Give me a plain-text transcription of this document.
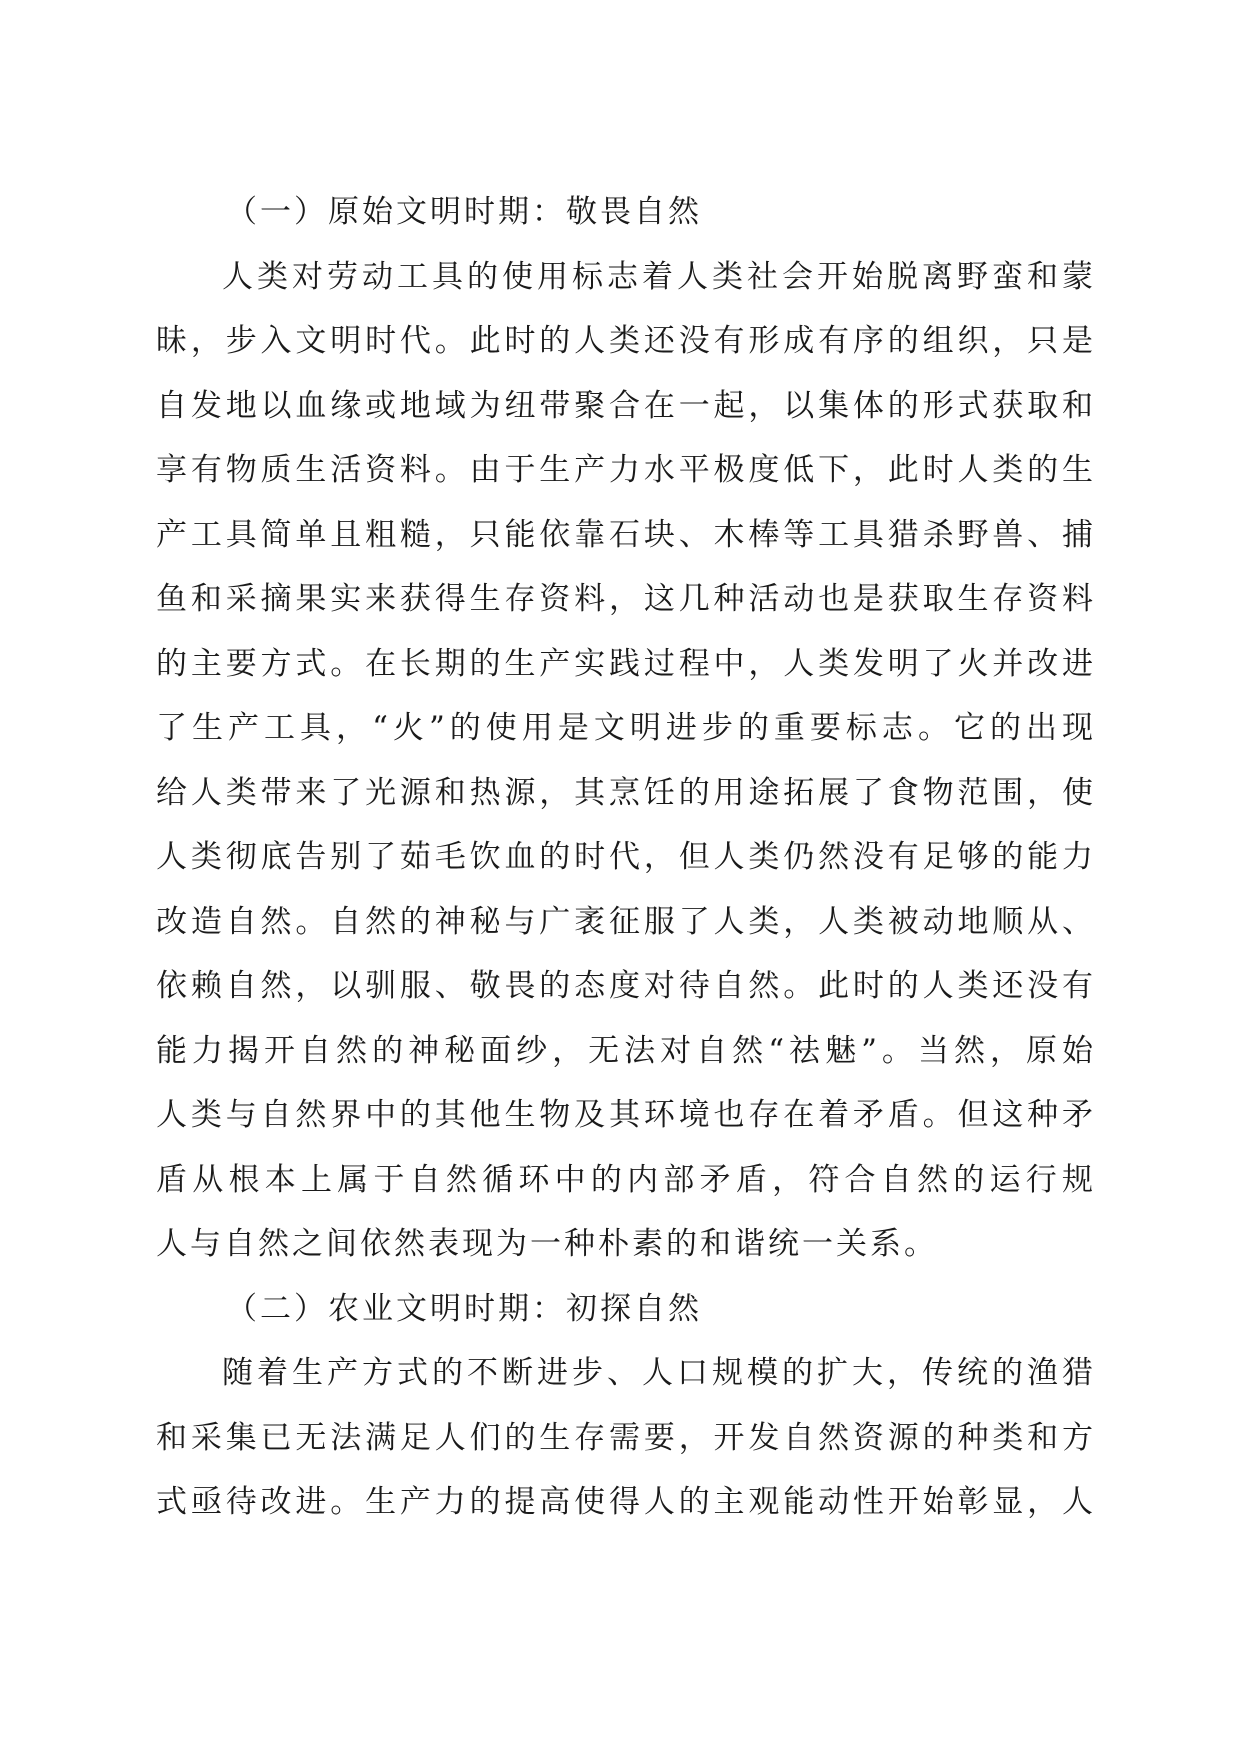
（一）原始文明时期：敬畏自然
人类对劳动工具的使用标志着人类社会开始脱离野蛮和蒙
昧，步入文明时代。此时的人类还没有形成有序的组织，只是
自发地以血缘或地域为纽带聚合在一起，以集体的形式获取和
享有物质生活资料。由于生产力水平极度低下，此时人类的生
产工具简单且粗糙，只能依靠石块、木棒等工具猎杀野兽、捕
鱼和采摘果实来获得生存资料，这几种活动也是获取生存资料
的主要方式。在长期的生产实践过程中，人类发明了火并改进
了生产工具，“火”的使用是文明进步的重要标志。它的出现
给人类带来了光源和热源，其烹饪的用途拓展了食物范围，使
人类彻底告别了茹毛饮血的时代，但人类仍然没有足够的能力
改造自然。自然的神秘与广袤征服了人类，人类被动地顺从、
依赖自然，以驯服、敬畏的态度对待自然。此时的人类还没有
能力揭开自然的神秘面纱，无法对自然“祛魅”。当然，原始
人类与自然界中的其他生物及其环境也存在着矛盾。但这种矛
盾从根本上属于自然循环中的内部矛盾，符合自然的运行规
人与自然之间依然表现为一种朴素的和谐统一关系。
（二）农业文明时期：初探自然
随着生产方式的不断进步、人口规模的扩大，传统的渔猎
和采集已无法满足人们的生存需要，开发自然资源的种类和方
式亟待改进。生产力的提高使得人的主观能动性开始彰显，人
